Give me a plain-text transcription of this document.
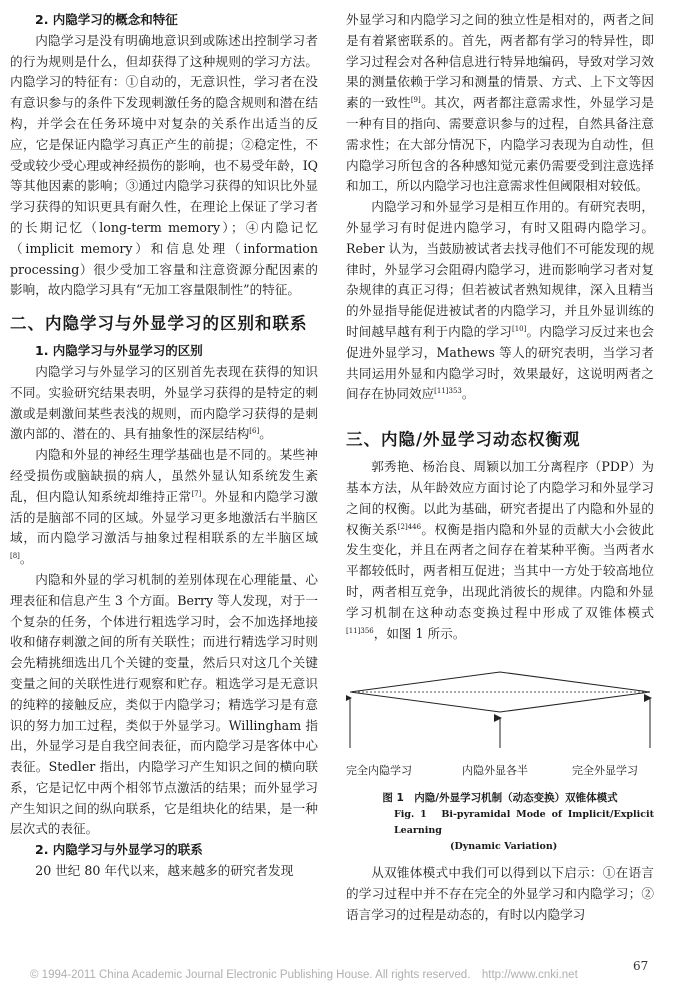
2. 内隐学习的概念和特征

内隐学习是没有明确地意识到或陈述出控制学习者的行为规则是什么，但却获得了这种规则的学习方法。内隐学习的特征有：①自动的，无意识性，学习者在没有意识参与的条件下发现刺激任务的隐含规则和潜在结构，并学会在任务环境中对复杂的关系作出适当的反应，它是保证内隐学习真正产生的前提；②稳定性，不受或较少受心理或神经损伤的影响，也不易受年龄，IQ 等其他因素的影响；③通过内隐学习获得的知识比外显学习获得的知识更具有耐久性，在理论上保证了学习者的长期记忆（long-term memory）；④内隐记忆（implicit memory）和信息处理（information processing）很少受加工容量和注意资源分配因素的影响，故内隐学习具有“无加工容量限制性”的特征。

二、内隐学习与外显学习的区别和联系
1. 内隐学习与外显学习的区别

内隐学习与外显学习的区别首先表现在获得的知识不同。实验研究结果表明，外显学习获得的是特定的刺激或是刺激间某些表浅的规则，而内隐学习获得的是刺激内部的、潜在的、具有抽象性的深层结构[6]。

内隐和外显的神经生理学基础也是不同的。某些神经受损伤或脑缺损的病人，虽然外显认知系统发生紊乱，但内隐认知系统却维持正常[7]。外显和内隐学习激活的是脑部不同的区域。外显学习更多地激活右半脑区域，而内隐学习激活与抽象过程相联系的左半脑区域[8]。

内隐和外显的学习机制的差别体现在心理能量、心理表征和信息产生 3 个方面。Berry 等人发现，对于一个复杂的任务，个体进行粗选学习时，会不加选择地接收和储存刺激之间的所有关联性；而进行精选学习时则会先精挑细选出几个关键的变量，然后只对这几个关键变量之间的关联性进行观察和贮存。粗选学习是无意识的纯粹的接触反应，类似于内隐学习；精选学习是有意识的努力加工过程，类似于外显学习。Willingham 指出，外显学习是自我空间表征，而内隐学习是客体中心表征。Stedler 指出，内隐学习产生知识之间的横向联系，它是记忆中两个相邻节点激活的结果；而外显学习产生知识之间的纵向联系，它是组块化的结果，是一种层次式的表征。

2. 内隐学习与外显学习的联系

20 世纪 80 年代以来，越来越多的研究者发现

外显学习和内隐学习之间的独立性是相对的，两者之间是有着紧密联系的。首先，两者都有学习的特异性，即学习过程会对各种信息进行特异地编码，导致对学习效果的测量依赖于学习和测量的情景、方式、上下文等因素的一致性[9]。其次，两者都注意需求性，外显学习是一种有目的指向、需要意识参与的过程，自然具备注意需求性；在大部分情况下，内隐学习表现为自动性，但内隐学习所包含的各种感知觉元素仍需要受到注意选择和加工，所以内隐学习也注意需求性但阈限相对较低。

内隐学习和外显学习是相互作用的。有研究表明，外显学习有时促进内隐学习，有时又阻碍内隐学习。Reber 认为，当鼓励被试者去找寻他们不可能发现的规律时，外显学习会阻碍内隐学习，进而影响学习者对复杂规律的真正习得；但若被试者熟知规律，深入且精当的外显指导能促进被试者的内隐学习，并且外显训练的时间越早越有利于内隐的学习[10]。内隐学习反过来也会促进外显学习，Mathews 等人的研究表明，当学习者共同运用外显和内隐学习时，效果最好，这说明两者之间存在协同效应$^{[11]353}$。

三、内隐/外显学习动态权衡观

郭秀艳、杨治良、周颖以加工分离程序（PDP）为基本方法，从年龄效应方面讨论了内隐学习和外显学习之间的权衡。以此为基础，研究者提出了内隐和外显的权衡关系$^{[2]446}$。权衡是指内隐和外显的贡献大小会彼此发生变化，并且在两者之间存在着某种平衡。当两者水平都较低时，两者相互促进；当其中一方处于较高地位时，两者相互竞争，出现此消彼长的规律。内隐和外显学习机制在这种动态变换过程中形成了双锥体模式$^{[11]356}$，如图 1 所示。

完全内隐学习	内隐外显各半	完全外显学习
图 1　内隐/外显学习机制（动态变换）双锥体模式
Fig. 1　Bi-pyramidal Mode of Implicit/Explicit Learning
(Dynamic Variation)

从双锥体模式中我们可以得到以下启示：①在语言的学习过程中并不存在完全的外显学习和内隐学习；②语言学习的过程是动态的，有时以内隐学习

© 1994-2011 China Academic Journal Electronic Publishing House. All rights reserved.　http://www.cnki.net
67
